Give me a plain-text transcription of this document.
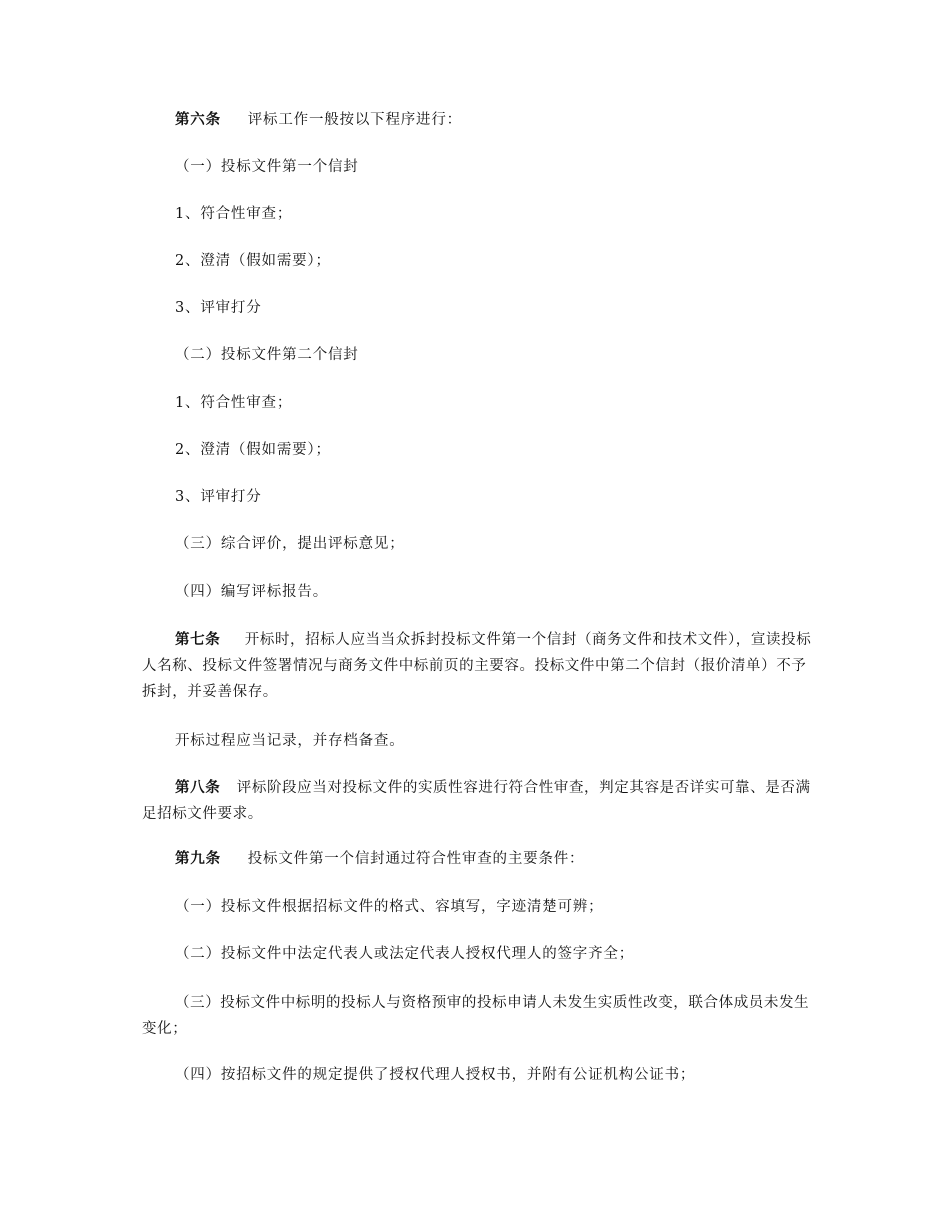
第六条 评标工作一般按以下程序进行：
（一）投标文件第一个信封
1、符合性审查；
2、澄清（假如需要）；
3、评审打分
（二）投标文件第二个信封
1、符合性审查；
2、澄清（假如需要）；
3、评审打分
（三）综合评价，提出评标意见；
（四）编写评标报告。
第七条 开标时，招标人应当当众拆封投标文件第一个信封（商务文件和技术文件），宣读投标人名称、投标文件签署情况与商务文件中标前页的主要容。投标文件中第二个信封（报价清单）不予拆封，并妥善保存。
开标过程应当记录，并存档备查。
第八条 评标阶段应当对投标文件的实质性容进行符合性审查，判定其容是否详实可靠、是否满足招标文件要求。
第九条 投标文件第一个信封通过符合性审查的主要条件：
（一）投标文件根据招标文件的格式、容填写，字迹清楚可辨；
（二）投标文件中法定代表人或法定代表人授权代理人的签字齐全；
（三）投标文件中标明的投标人与资格预审的投标申请人未发生实质性改变，联合体成员未发生变化；
（四）按招标文件的规定提供了授权代理人授权书，并附有公证机构公证书；
